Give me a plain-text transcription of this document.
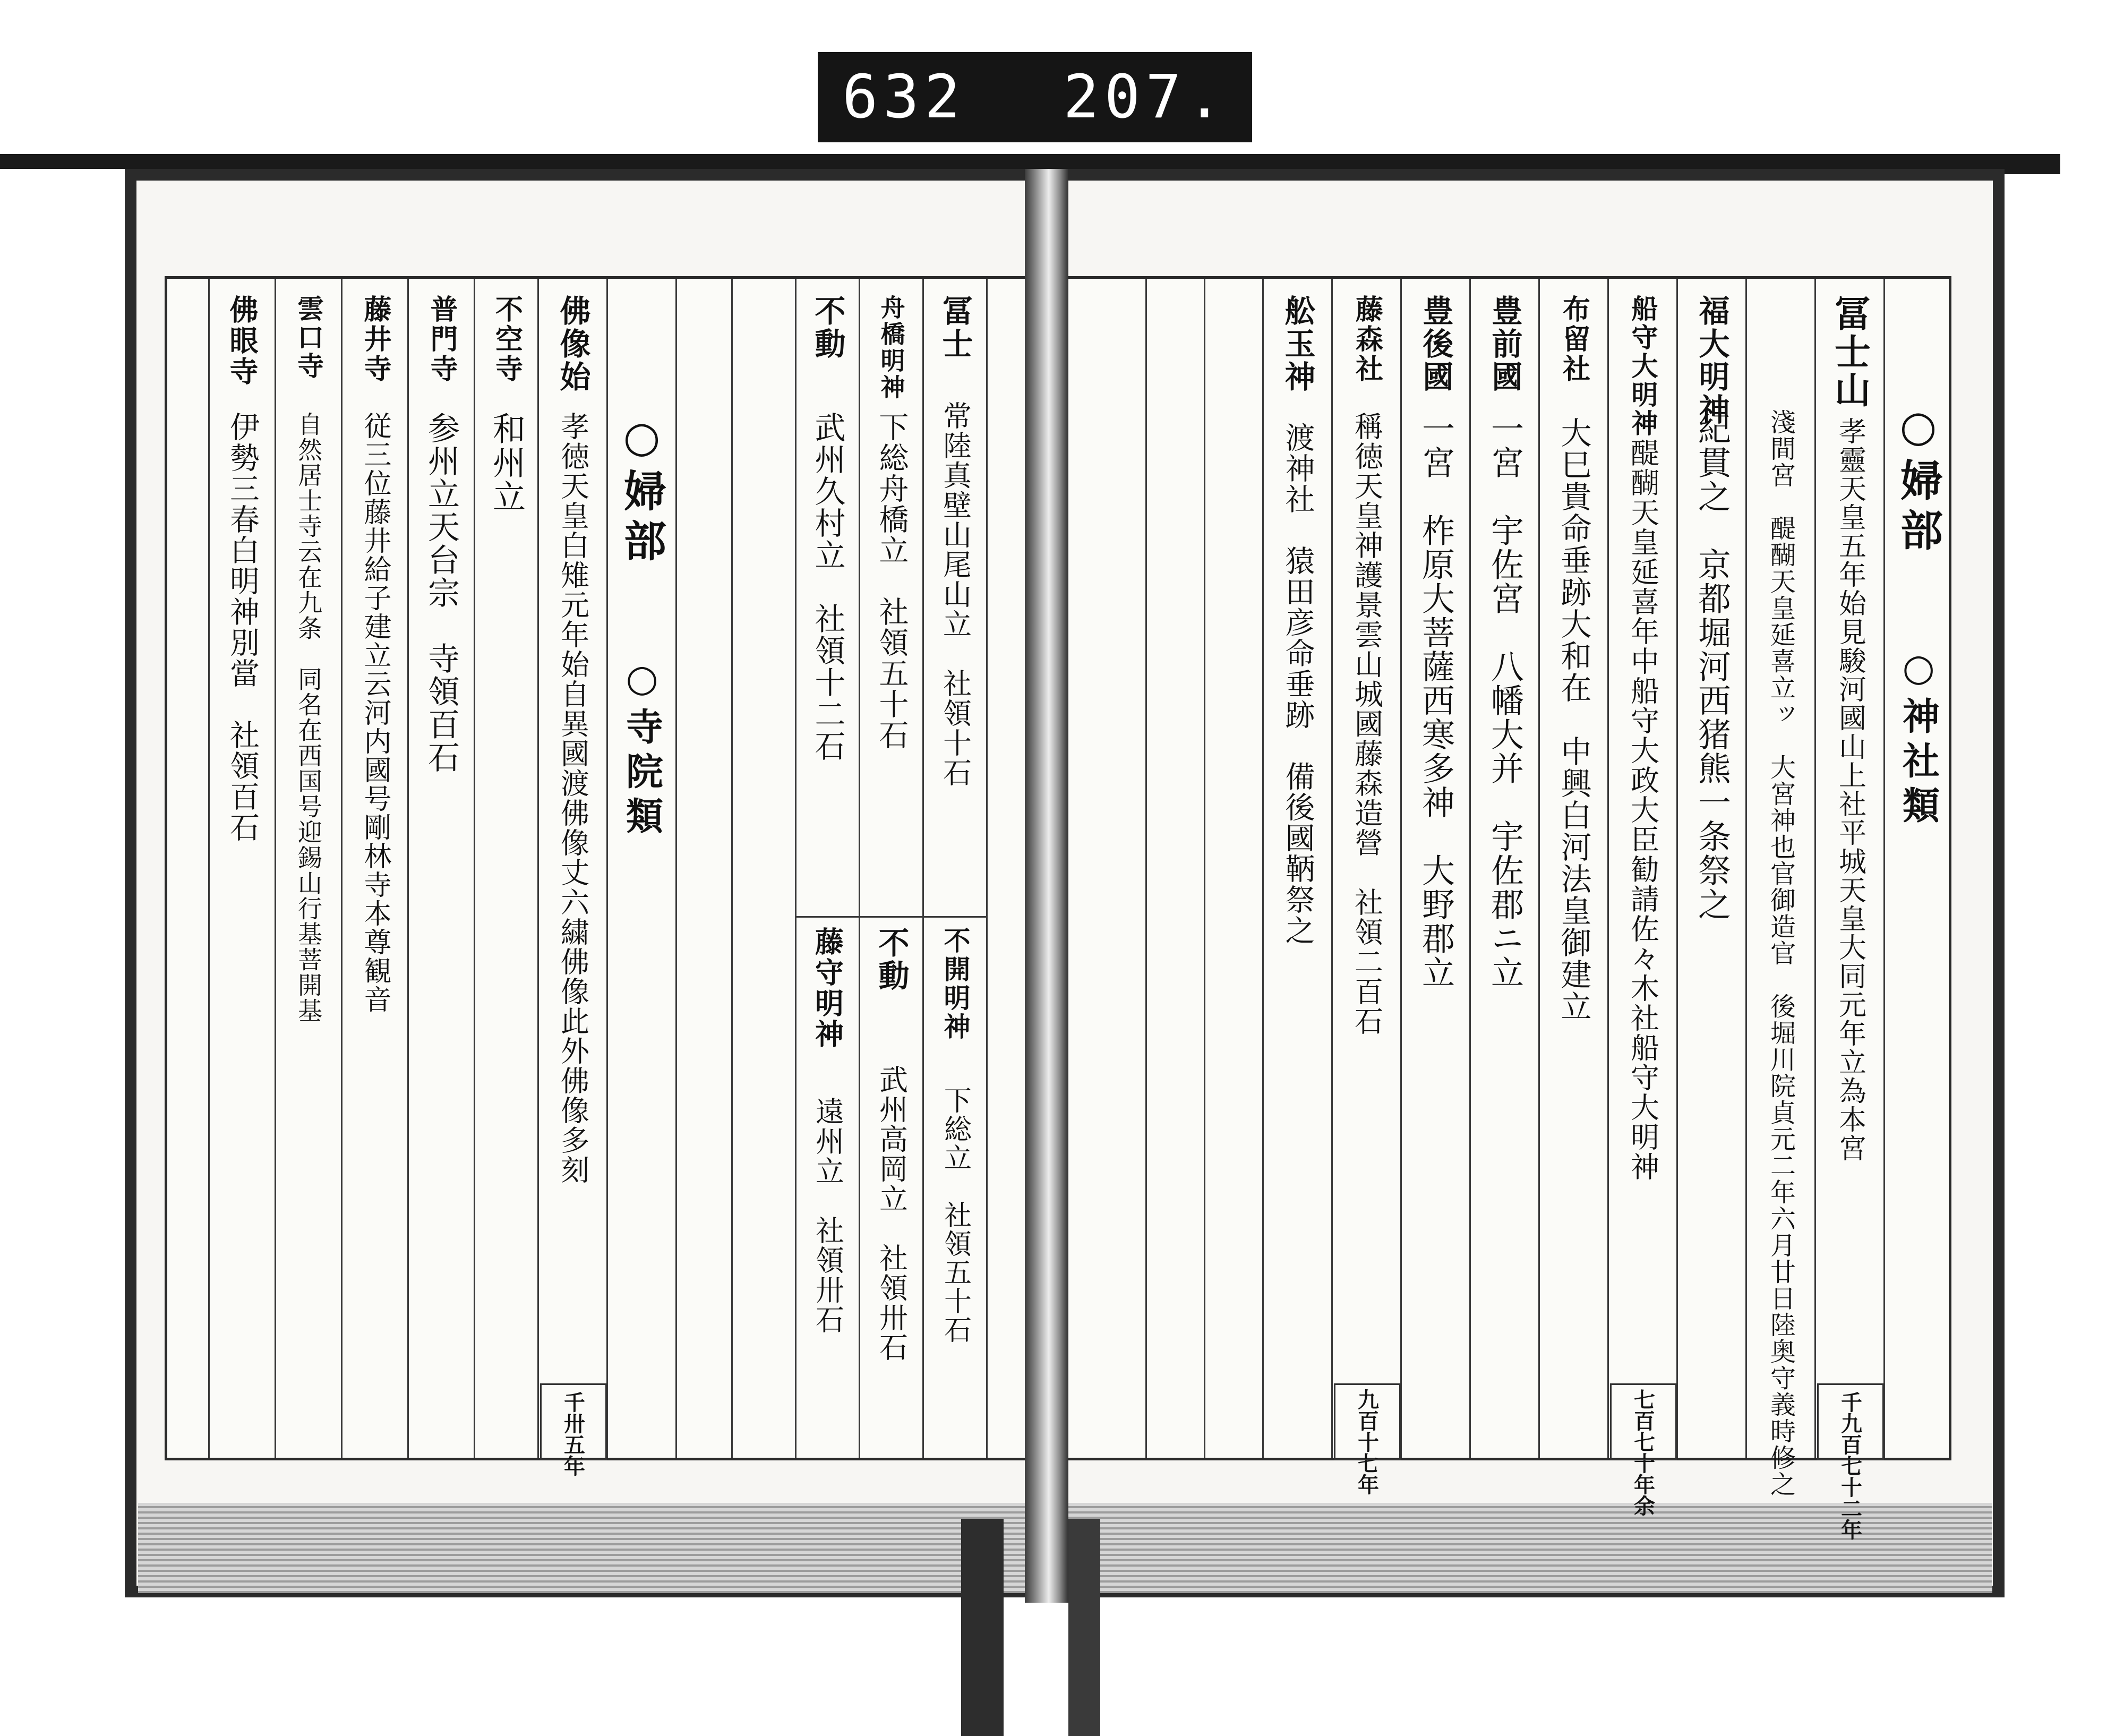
632 207.
○婦部
○神社類
冨士山
孝靈天皇五年始見駿河國山上社平城天皇大同元年立為本宮
千九百七十二年
淺間宮　醍醐天皇延喜立ッ　大宮神也官御造官　後堀川院貞元二年六月廿日陸奥守義時修之
福大明神
紀貫之　京都堀河西猪熊一条祭之
船守大明神
醍醐天皇延喜年中船守大政大臣勧請佐々木社船守大明神
七百七十年余
布留社
大巳貴命垂跡大和在　中興白河法皇御建立
豊前國
一宮　宇佐宮　八幡大并　宇佐郡ニ立
豊後國
一宮　柞原大菩薩西寒多神　大野郡立
藤森社
稱徳天皇神護景雲山城國藤森造營　社領二百石
九百十七年
舩玉神
渡神社　猿田彦命垂跡　備後國鞆祭之
冨士
常陸真壁山尾山立　社領十石
不開明神
下総立　社領五十石
舟橋明神
下総舟橋立　社領五十石
不動
武州高岡立　社領卅石
不動
武州久村立　社領十二石
藤守明神
遠州立　社領卅石
○婦部
○寺院類
佛像始
孝徳天皇白雉元年始自異國渡佛像丈六繍佛像此外佛像多刻
千卅五年
不空寺
和州立
普門寺
参州立天台宗　寺領百石
藤井寺
従三位藤井給子建立云河内國号剛林寺本尊観音
雲口寺
自然居士寺云在九条　同名在西国号迎錫山行基菩開基
佛眼寺
伊勢三春白明神別當　社領百石
